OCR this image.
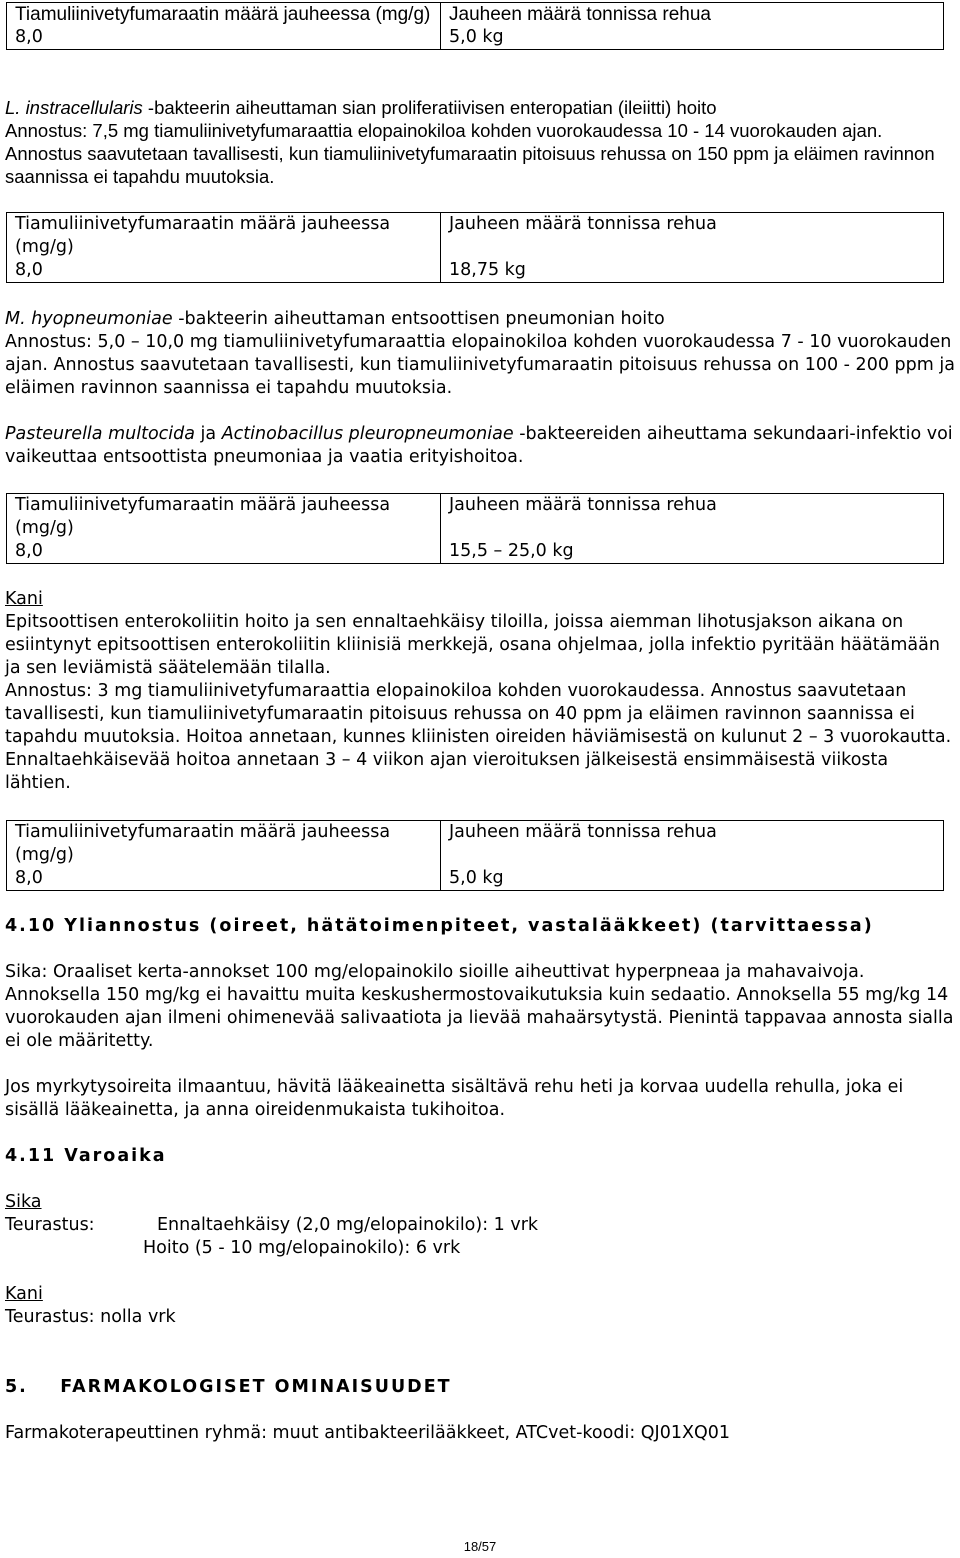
Tiamuliinivetyfumaraatin määrä jauheessa (mg/g)	Jauheen määrä tonnissa rehua
8,0	5,0 kg

L. instracellularis -bakteerin aiheuttaman sian proliferatiivisen enteropatian (ileiitti) hoito

Annostus: 7,5 mg tiamuliinivetyfumaraattia elopainokiloa kohden vuorokaudessa 10 - 14 vuorokauden ajan. Annostus saavutetaan tavallisesti, kun tiamuliinivetyfumaraatin pitoisuus rehussa on 150 ppm ja eläimen ravinnon saannissa ei tapahdu muutoksia.

Tiamuliinivetyfumaraatin määrä jauheessa (mg/g)	Jauheen määrä tonnissa rehua
8,0	18,75 kg

M. hyopneumoniae -bakteerin aiheuttaman entsoottisen pneumonian hoito

Annostus: 5,0 – 10,0 mg tiamuliinivetyfumaraattia elopainokiloa kohden vuorokaudessa 7 - 10 vuorokauden ajan. Annostus saavutetaan tavallisesti, kun tiamuliinivetyfumaraatin pitoisuus rehussa on 100 - 200 ppm ja eläimen ravinnon saannissa ei tapahdu muutoksia.

Pasteurella multocida ja Actinobacillus pleuropneumoniae -bakteereiden aiheuttama sekundaari-infektio voi vaikeuttaa entsoottista pneumoniaa ja vaatia erityishoitoa.

Tiamuliinivetyfumaraatin määrä jauheessa (mg/g)	Jauheen määrä tonnissa rehua
8,0	15,5 – 25,0 kg

Kani

Epitsoottisen enterokoliitin hoito ja sen ennaltaehkäisy tiloilla, joissa aiemman lihotusjakson aikana on esiintynyt epitsoottisen enterokoliitin kliinisiä merkkejä, osana ohjelmaa, jolla infektio pyritään häätämään ja sen leviämistä säätelemään tilalla.

Annostus: 3 mg tiamuliinivetyfumaraattia elopainokiloa kohden vuorokaudessa. Annostus saavutetaan tavallisesti, kun tiamuliinivetyfumaraatin pitoisuus rehussa on 40 ppm ja eläimen ravinnon saannissa ei tapahdu muutoksia. Hoitoa annetaan, kunnes kliinisten oireiden häviämisestä on kulunut 2 – 3 vuorokautta. Ennaltaehkäisevää hoitoa annetaan 3 – 4 viikon ajan vieroituksen jälkeisestä ensimmäisestä viikosta lähtien.

Tiamuliinivetyfumaraatin määrä jauheessa (mg/g)	Jauheen määrä tonnissa rehua
8,0	5,0 kg

4.10 Yliannostus (oireet, hätätoimenpiteet, vastalääkkeet) (tarvittaessa)

Sika: Oraaliset kerta-annokset 100 mg/elopainokilo sioille aiheuttivat hyperpneaa ja mahavaivoja. Annoksella 150 mg/kg ei havaittu muita keskushermostovaikutuksia kuin sedaatio. Annoksella 55 mg/kg 14 vuorokauden ajan ilmeni ohimenevää salivaatiota ja lievää mahaärsytystä. Pienintä tappavaa annosta sialla ei ole määritetty.

Jos myrkytysoireita ilmaantuu, hävitä lääkeainetta sisältävä rehu heti ja korvaa uudella rehulla, joka ei sisällä lääkeainetta, ja anna oireidenmukaista tukihoitoa.

4.11 Varoaika

Sika

Teurastus:	Ennaltaehkäisy (2,0 mg/elopainokilo): 1 vrk

Hoito (5 - 10 mg/elopainokilo): 6 vrk

Kani

Teurastus: nolla vrk

5.    FARMAKOLOGISET OMINAISUUDET

Farmakoterapeuttinen ryhmä: muut antibakteerilääkkeet, ATCvet-koodi: QJ01XQ01

18/57
